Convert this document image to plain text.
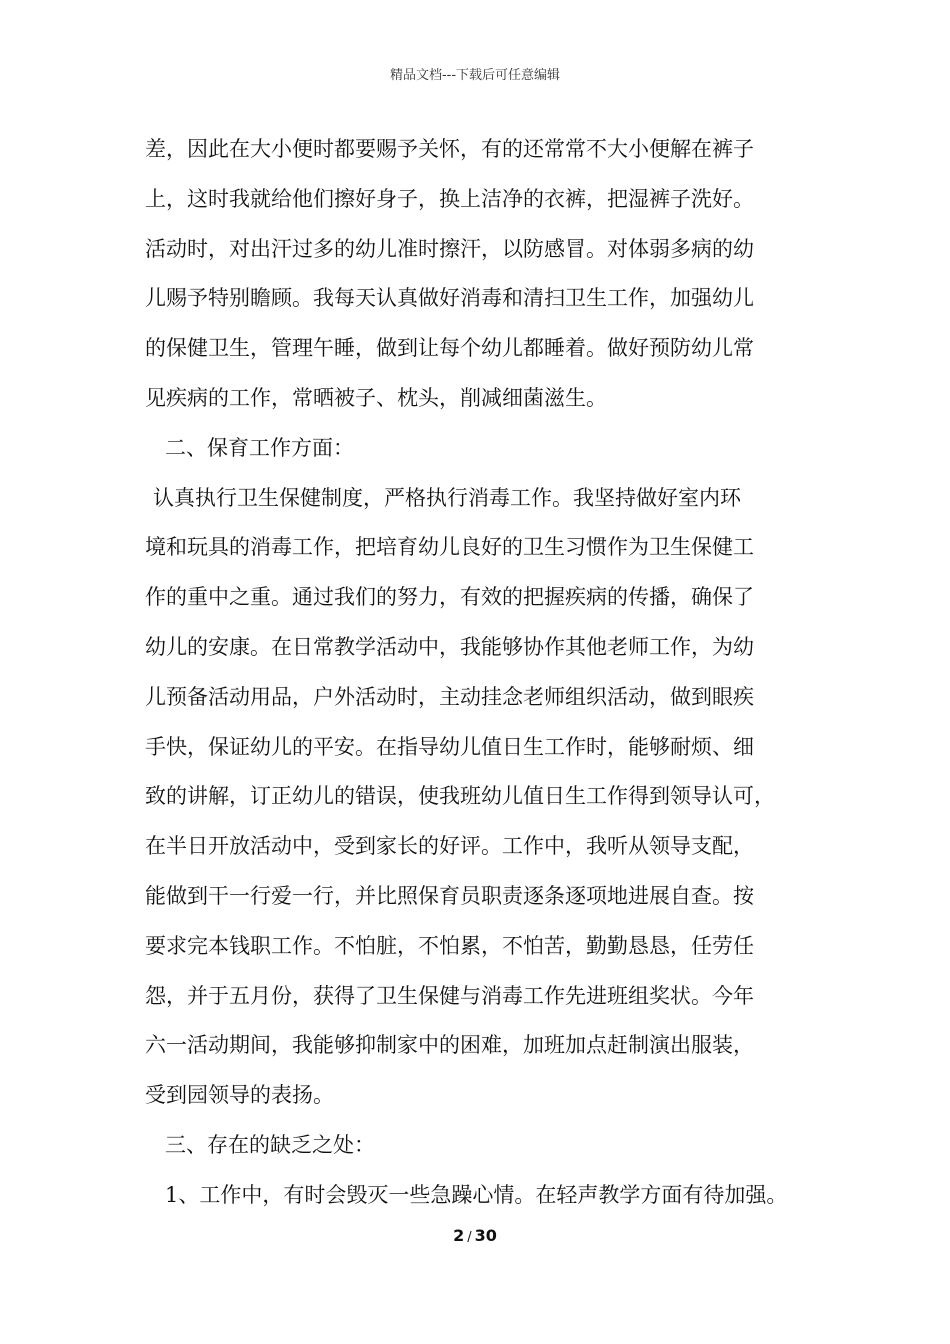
精品文档---下载后可任意编辑
差，因此在大小便时都要赐予关怀，有的还常常不大小便解在裤子
上，这时我就给他们擦好身子，换上洁净的衣裤，把湿裤子洗好。
活动时，对出汗过多的幼儿准时擦汗，以防感冒。对体弱多病的幼
儿赐予特别瞻顾。我每天认真做好消毒和清扫卫生工作，加强幼儿
的保健卫生，管理午睡，做到让每个幼儿都睡着。做好预防幼儿常
见疾病的工作，常晒被子、枕头，削减细菌滋生。
二、保育工作方面：
认真执行卫生保健制度，严格执行消毒工作。我坚持做好室内环
境和玩具的消毒工作，把培育幼儿良好的卫生习惯作为卫生保健工
作的重中之重。通过我们的努力，有效的把握疾病的传播，确保了
幼儿的安康。在日常教学活动中，我能够协作其他老师工作，为幼
儿预备活动用品，户外活动时，主动挂念老师组织活动，做到眼疾
手快，保证幼儿的平安。在指导幼儿值日生工作时，能够耐烦、细
致的讲解，订正幼儿的错误，使我班幼儿值日生工作得到领导认可，
在半日开放活动中，受到家长的好评。工作中，我听从领导支配，
能做到干一行爱一行，并比照保育员职责逐条逐项地进展自查。按
要求完本钱职工作。不怕脏，不怕累，不怕苦，勤勤恳恳，任劳任
怨，并于五月份，获得了卫生保健与消毒工作先进班组奖状。今年
六一活动期间，我能够抑制家中的困难，加班加点赶制演出服装，
受到园领导的表扬。
三、存在的缺乏之处：
1、工作中，有时会毁灭一些急躁心情。在轻声教学方面有待加强。
2 / 30
